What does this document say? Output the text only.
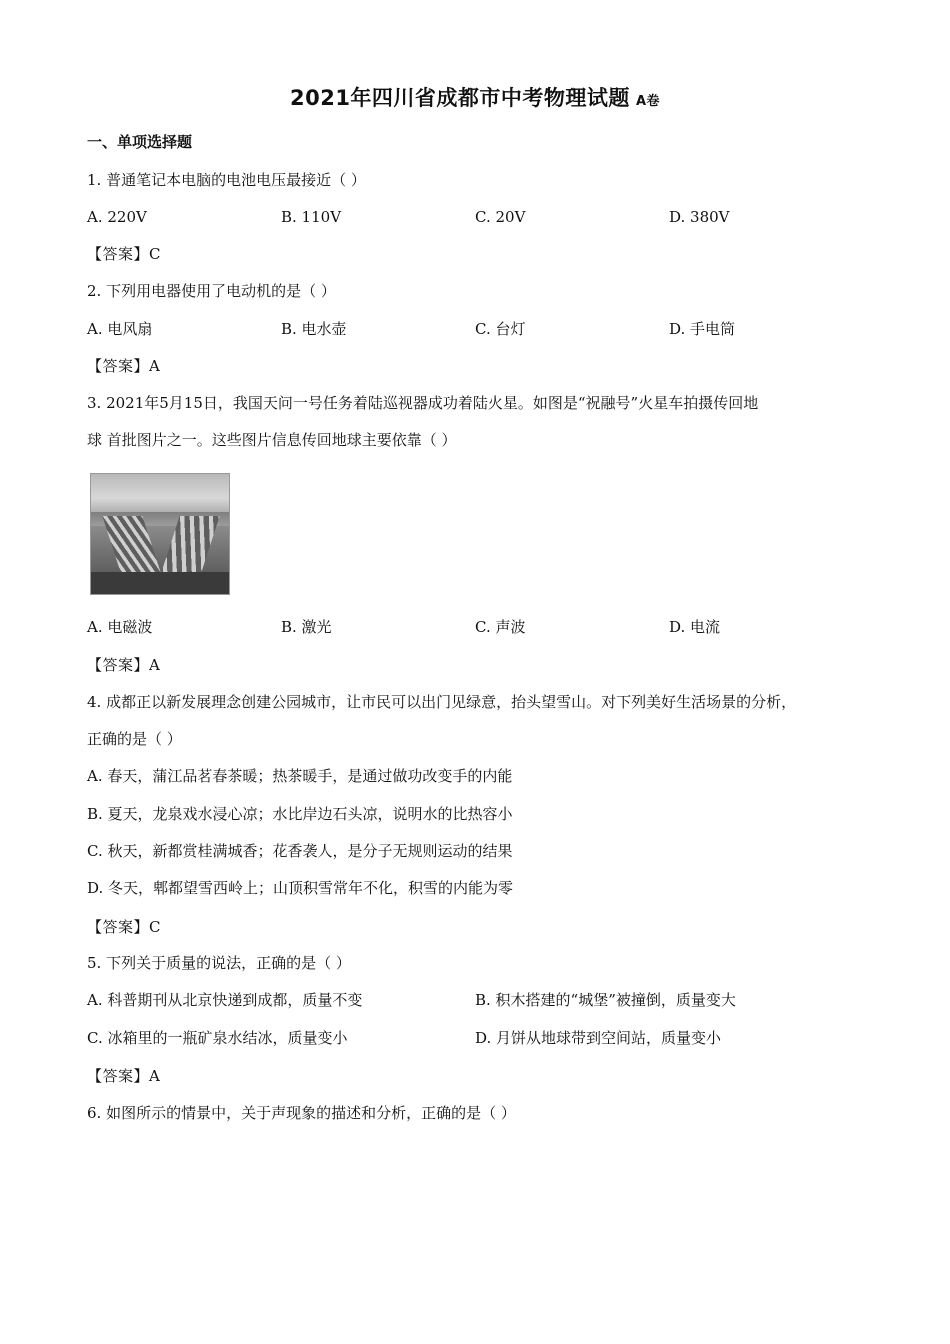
2021年四川省成都市中考物理试题 A卷
一、单项选择题
1. 普通笔记本电脑的电池电压最接近（ ）
A. 220V	B. 110V	C. 20V	D. 380V
【答案】C
2. 下列用电器使用了电动机的是（ ）
A. 电风扇	B. 电水壶	C. 台灯	D. 手电筒
【答案】A
3. 2021年5月15日，我国天问一号任务着陆巡视器成功着陆火星。如图是“祝融号”火星车拍摄传回地
球 首批图片之一。这些图片信息传回地球主要依靠（ ）
A. 电磁波	B. 激光	C. 声波	D. 电流
【答案】A
4. 成都正以新发展理念创建公园城市，让市民可以出门见绿意，抬头望雪山。对下列美好生活场景的分析，
正确的是（ ）
A. 春天，蒲江品茗春茶暖；热茶暖手，是通过做功改变手的内能
B. 夏天，龙泉戏水浸心凉；水比岸边石头凉，说明水的比热容小
C. 秋天，新都赏桂满城香；花香袭人，是分子无规则运动的结果
D. 冬天，郫都望雪西岭上；山顶积雪常年不化，积雪的内能为零
【答案】C
5. 下列关于质量的说法，正确的是（ ）
A. 科普期刊从北京快递到成都，质量不变	B. 积木搭建的“城堡”被撞倒，质量变大
C. 冰箱里的一瓶矿泉水结冰，质量变小	D. 月饼从地球带到空间站，质量变小
【答案】A
6. 如图所示的情景中，关于声现象的描述和分析，正确的是（ ）
